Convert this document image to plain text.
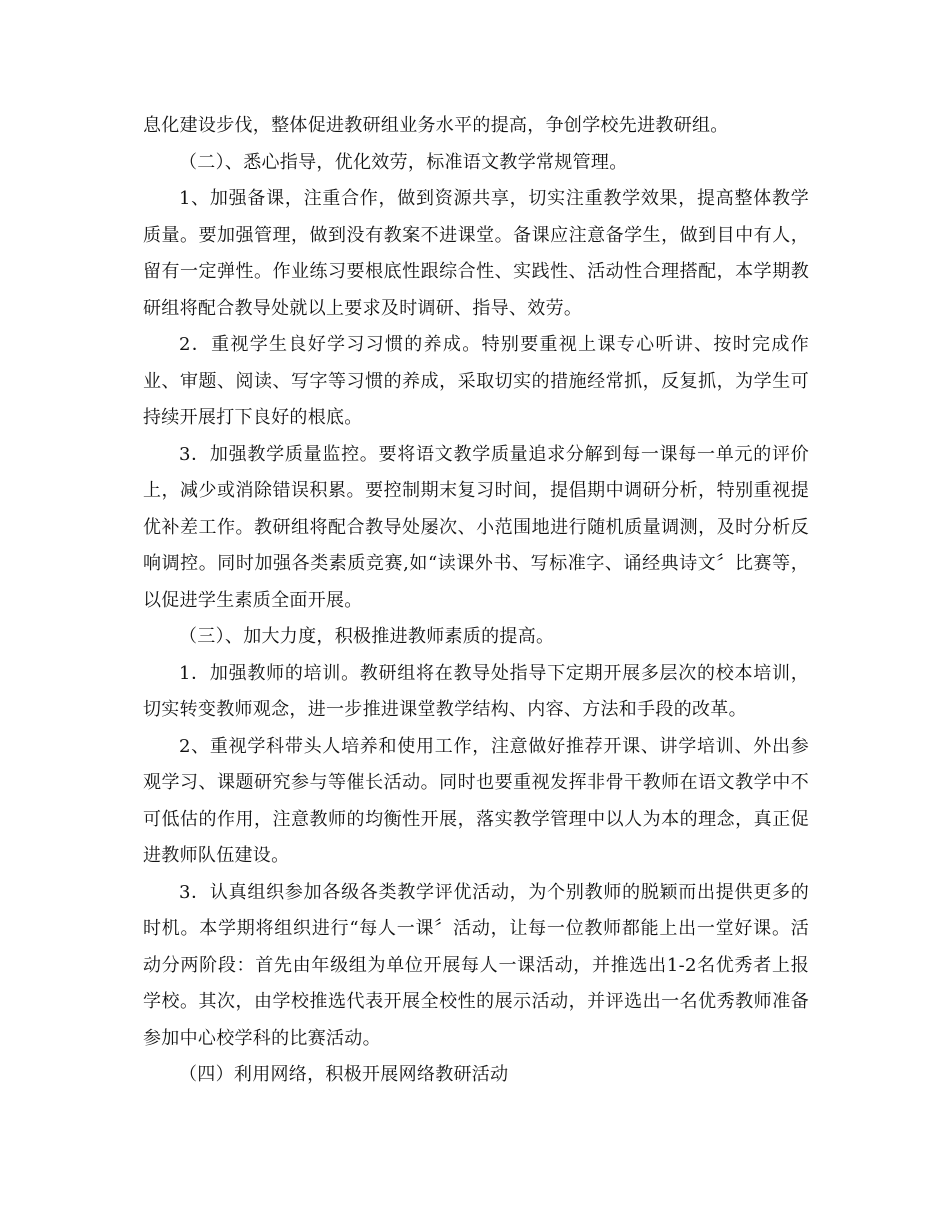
息化建设步伐，整体促进教研组业务水平的提高，争创学校先进教研组。

（二）、悉心指导，优化效劳，标准语文教学常规管理。

1、加强备课，注重合作，做到资源共享，切实注重教学效果，提高整体教学质量。要加强管理，做到没有教案不进课堂。备课应注意备学生，做到目中有人，留有一定弹性。作业练习要根底性跟综合性、实践性、活动性合理搭配，本学期教研组将配合教导处就以上要求及时调研、指导、效劳。

2．重视学生良好学习习惯的养成。特别要重视上课专心听讲、按时完成作业、审题、阅读、写字等习惯的养成，采取切实的措施经常抓，反复抓，为学生可持续开展打下良好的根底。

3．加强教学质量监控。要将语文教学质量追求分解到每一课每一单元的评价上，减少或消除错误积累。要控制期末复习时间，提倡期中调研分析，特别重视提优补差工作。教研组将配合教导处屡次、小范围地进行随机质量调测，及时分析反响调控。同时加强各类素质竞赛,如“读课外书、写标准字、诵经典诗文〞比赛等，以促进学生素质全面开展。

（三）、加大力度，积极推进教师素质的提高。

1．加强教师的培训。教研组将在教导处指导下定期开展多层次的校本培训，切实转变教师观念，进一步推进课堂教学结构、内容、方法和手段的改革。

2、重视学科带头人培养和使用工作，注意做好推荐开课、讲学培训、外出参观学习、课题研究参与等催长活动。同时也要重视发挥非骨干教师在语文教学中不可低估的作用，注意教师的均衡性开展，落实教学管理中以人为本的理念，真正促进教师队伍建设。

3．认真组织参加各级各类教学评优活动，为个别教师的脱颖而出提供更多的时机。本学期将组织进行“每人一课〞活动，让每一位教师都能上出一堂好课。活动分两阶段：首先由年级组为单位开展每人一课活动，并推选出1-2名优秀者上报学校。其次，由学校推选代表开展全校性的展示活动，并评选出一名优秀教师准备参加中心校学科的比赛活动。

（四）利用网络，积极开展网络教研活动
